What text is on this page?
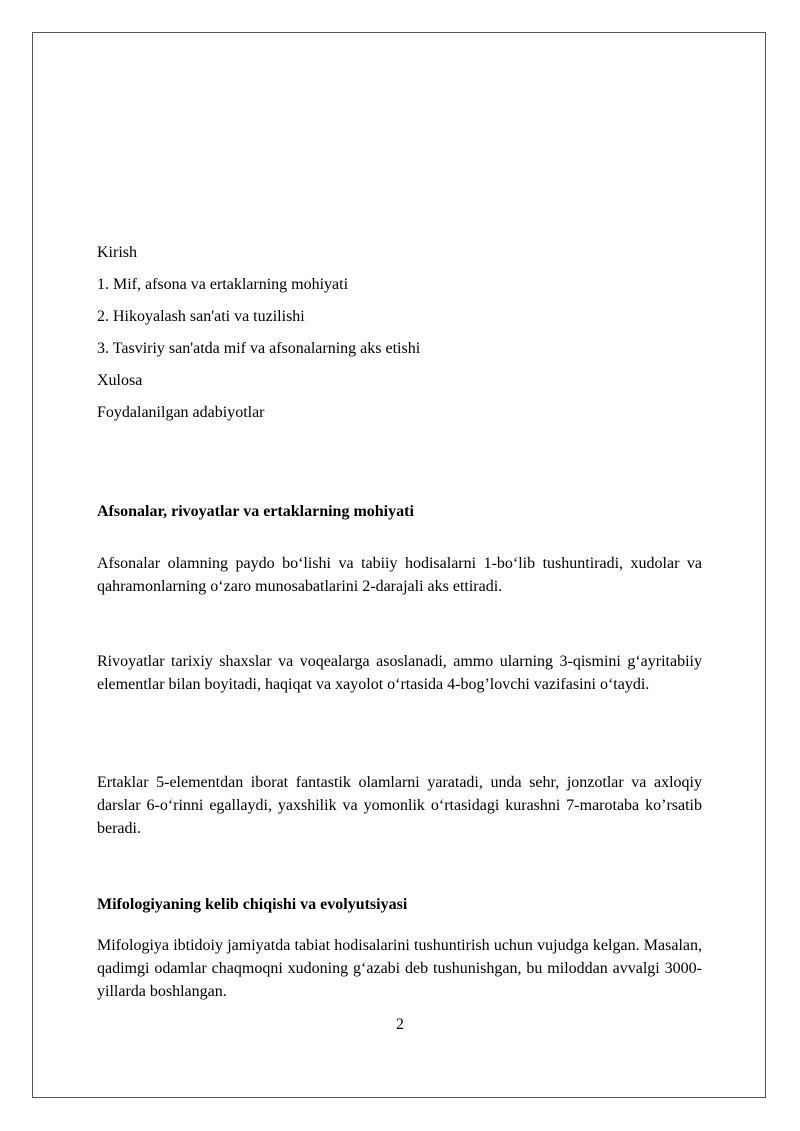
Kirish
1. Mif, afsona va ertaklarning mohiyati
2. Hikoyalash san'ati va tuzilishi
3. Tasviriy san'atda mif va afsonalarning aks etishi
Xulosa
Foydalanilgan adabiyotlar
Afsonalar, rivoyatlar va ertaklarning mohiyati

Afsonalar olamning paydo bo‘lishi va tabiiy hodisalarni 1-bo‘lib tushuntiradi, xudolar va qahramonlarning o‘zaro munosabatlarini 2-darajali aks ettiradi.

Rivoyatlar tarixiy shaxslar va voqealarga asoslanadi, ammo ularning 3-qismini g‘ayritabiiy elementlar bilan boyitadi, haqiqat va xayolot o‘rtasida 4-bog’lovchi vazifasini o‘taydi.

Ertaklar 5-elementdan iborat fantastik olamlarni yaratadi, unda sehr, jonzotlar va axloqiy darslar 6-o‘rinni egallaydi, yaxshilik va yomonlik o‘rtasidagi kurashni 7-marotaba ko’rsatib beradi.

Mifologiyaning kelib chiqishi va evolyutsiyasi

Mifologiya ibtidoiy jamiyatda tabiat hodisalarini tushuntirish uchun vujudga kelgan. Masalan, qadimgi odamlar chaqmoqni xudoning g‘azabi deb tushunishgan, bu miloddan avvalgi 3000-yillarda boshlangan.

2
